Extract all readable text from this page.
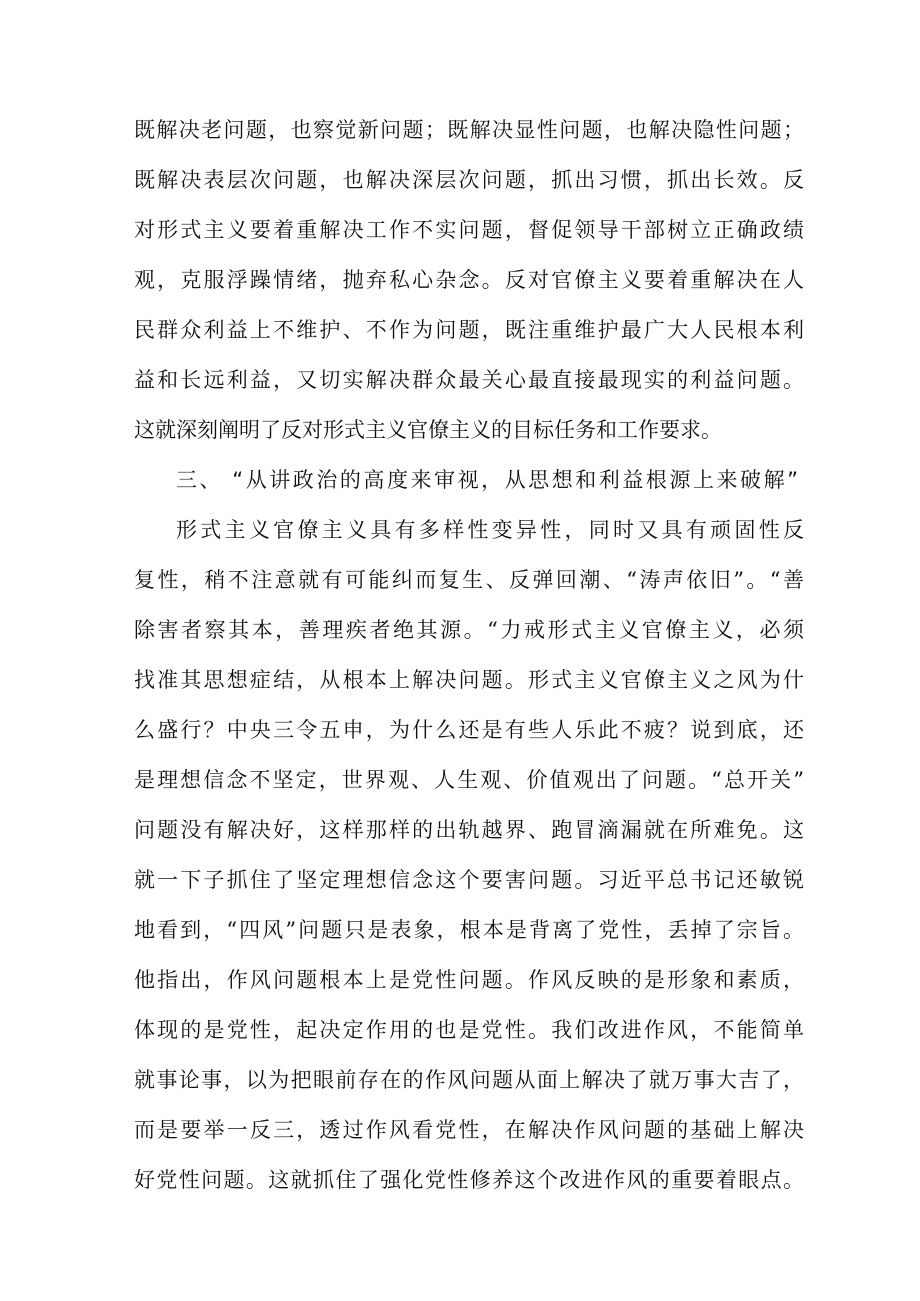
既解决老问题，也察觉新问题；既解决显性问题，也解决隐性问题；
既解决表层次问题，也解决深层次问题，抓出习惯，抓出长效。反
对形式主义要着重解决工作不实问题，督促领导干部树立正确政绩
观，克服浮躁情绪，抛弃私心杂念。反对官僚主义要着重解决在人
民群众利益上不维护、不作为问题，既注重维护最广大人民根本利
益和长远利益，又切实解决群众最关心最直接最现实的利益问题。
这就深刻阐明了反对形式主义官僚主义的目标任务和工作要求。
三、 “从讲政治的高度来审视，从思想和利益根源上来破解”
形式主义官僚主义具有多样性变异性，同时又具有顽固性反
复性，稍不注意就有可能纠而复生、反弹回潮、“涛声依旧”。“善
除害者察其本，善理疾者绝其源。“力戒形式主义官僚主义，必须
找准其思想症结，从根本上解决问题。形式主义官僚主义之风为什
么盛行？中央三令五申，为什么还是有些人乐此不疲？说到底，还
是理想信念不坚定，世界观、人生观、价值观出了问题。“总开关”
问题没有解决好，这样那样的出轨越界、跑冒滴漏就在所难免。这
就一下子抓住了坚定理想信念这个要害问题。习近平总书记还敏锐
地看到，“四风”问题只是表象，根本是背离了党性，丢掉了宗旨。
他指出，作风问题根本上是党性问题。作风反映的是形象和素质，
体现的是党性，起决定作用的也是党性。我们改进作风，不能简单
就事论事，以为把眼前存在的作风问题从面上解决了就万事大吉了，
而是要举一反三，透过作风看党性，在解决作风问题的基础上解决
好党性问题。这就抓住了强化党性修养这个改进作风的重要着眼点。
